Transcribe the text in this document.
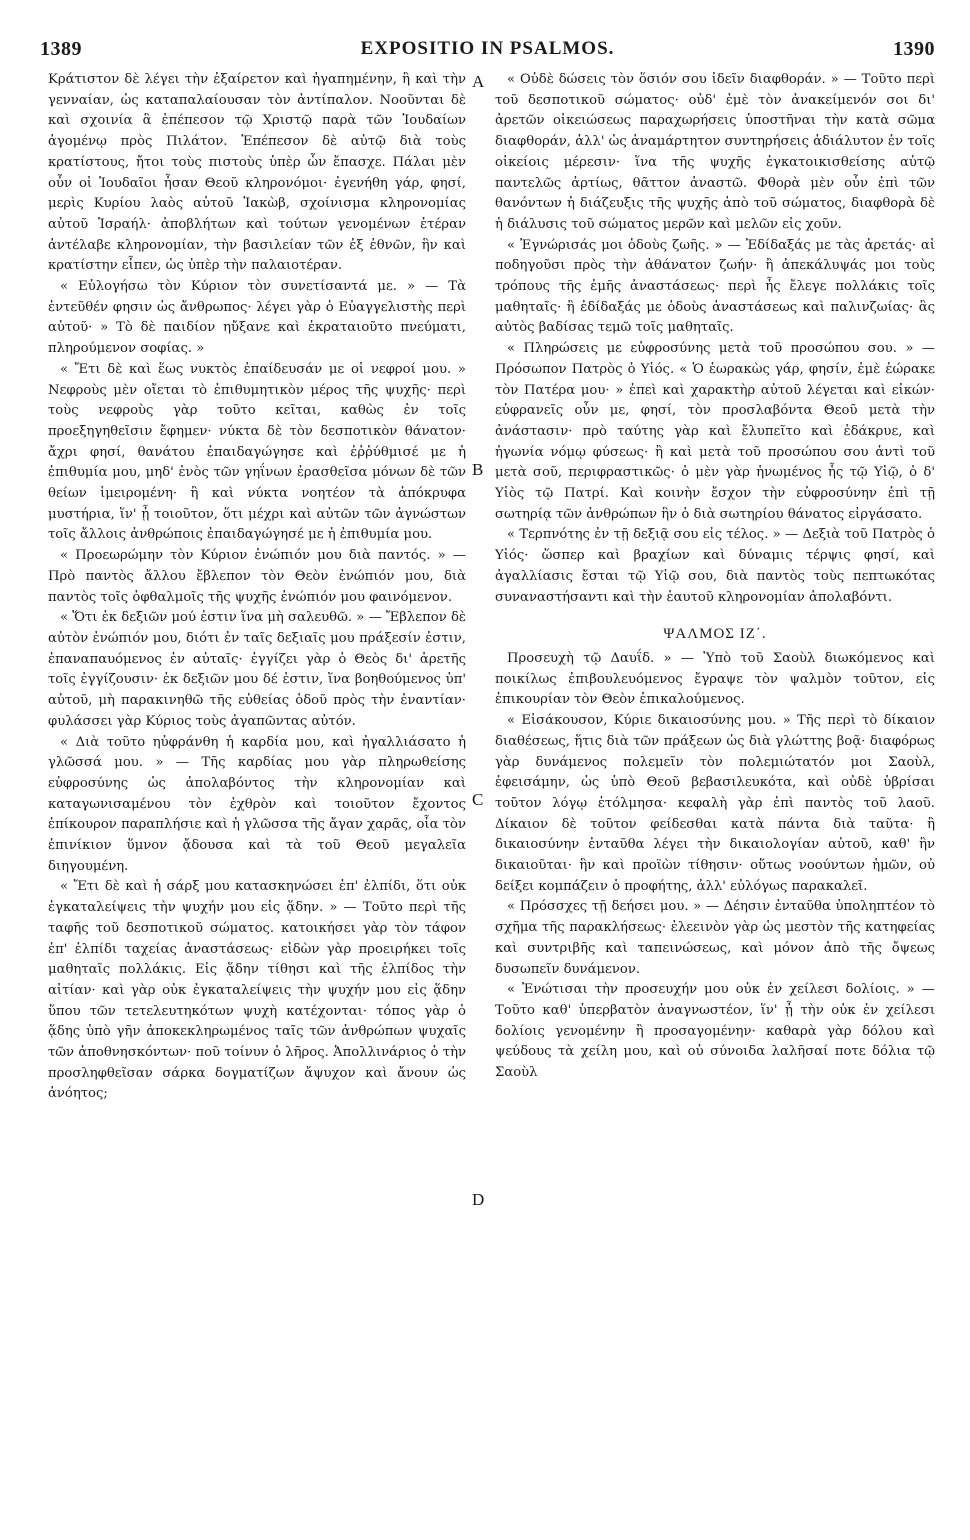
1389	EXPOSITIO IN PSALMOS.	1390

Κράτιστον δὲ λέγει τὴν ἐξαίρετον καὶ ἠγαπημένην, ἢ καὶ τὴν γενναίαν, ὡς καταπαλαίουσαν τὸν ἀντίπαλον. Νοοῦνται δὲ καὶ σχοινία ἃ ἐπέπεσον τῷ Χριστῷ παρὰ τῶν Ἰουδαίων ἀγομένῳ πρὸς Πιλάτον. Ἐπέπεσον δὲ αὐτῷ διὰ τοὺς κρατίστους, ἤτοι τοὺς πιστοὺς ὑπὲρ ὧν ἔπασχε. Πάλαι μὲν οὖν οἱ Ἰουδαῖοι ἦσαν Θεοῦ κληρονόμοι· ἐγενήθη γάρ, φησί, μερὶς Κυρίου λαὸς αὐτοῦ Ἰακὼβ, σχοίνισμα κληρονομίας αὐτοῦ Ἰσραήλ· ἀποβλήτων καὶ τούτων γενομένων ἑτέραν ἀντέλαβε κληρονομίαν, τὴν βασιλείαν τῶν ἐξ ἐθνῶν, ἣν καὶ κρατίστην εἶπεν, ὡς ὑπὲρ τὴν παλαιοτέραν.

« Εὐλογήσω τὸν Κύριον τὸν συνετίσαντά με. » — Τὰ ἐντεῦθέν φησιν ὡς ἄνθρωπος· λέγει γὰρ ὁ Εὐαγγελιστὴς περὶ αὐτοῦ· » Τὸ δὲ παιδίον ηὔξανε καὶ ἐκραταιοῦτο πνεύματι, πληρούμενον σοφίας. »

« Ἔτι δὲ καὶ ἕως νυκτὸς ἐπαίδευσάν με οἱ νεφροί μου. » Νεφροὺς μὲν οἴεται τὸ ἐπιθυμητικὸν μέρος τῆς ψυχῆς· περὶ τοὺς νεφροὺς γὰρ τοῦτο κεῖται, καθὼς ἐν τοῖς προεξηγηθεῖσιν ἔφημεν· νύκτα δὲ τὸν δεσποτικὸν θάνατον· ἄχρι φησί, θανάτου ἐπαιδαγώγησε καὶ ἐῤῥύθμισέ με ἡ ἐπιθυμία μου, μηδ' ἑνὸς τῶν γηΐνων ἐρασθεῖσα μόνων δὲ τῶν θείων ἱμειρομένη· ἢ καὶ νύκτα νοητέον τὰ ἀπόκρυφα μυστήρια, ἵν' ᾖ τοιοῦτον, ὅτι μέχρι καὶ αὐτῶν τῶν ἀγνώστων τοῖς ἄλλοις ἀνθρώποις ἐπαιδαγώγησέ με ἡ ἐπιθυμία μου.

« Προεωρώμην τὸν Κύριον ἐνώπιόν μου διὰ παντός. » — Πρὸ παντὸς ἄλλου ἔβλεπον τὸν Θεὸν ἐνώπιόν μου, διὰ παντὸς τοῖς ὀφθαλμοῖς τῆς ψυχῆς ἐνώπιόν μου φαινόμενον.

« Ὅτι ἐκ δεξιῶν μού ἐστιν ἵνα μὴ σαλευθῶ. » — Ἔβλεπον δὲ αὐτὸν ἐνώπιόν μου, διότι ἐν ταῖς δεξιαῖς μου πράξεσίν ἐστιν, ἐπαναπαυόμενος ἐν αὐταῖς· ἐγγίζει γὰρ ὁ Θεὸς δι' ἀρετῆς τοῖς ἐγγίζουσιν· ἐκ δεξιῶν μου δέ ἐστιν, ἵνα βοηθούμενος ὑπ' αὐτοῦ, μὴ παρακινηθῶ τῆς εὐθείας ὁδοῦ πρὸς τὴν ἐναντίαν· φυλάσσει γὰρ Κύριος τοὺς ἀγαπῶντας αὐτόν.

« Διὰ τοῦτο ηὐφράνθη ἡ καρδία μου, καὶ ἠγαλλιάσατο ἡ γλῶσσά μου. » — Τῆς καρδίας μου γὰρ πληρωθείσης εὐφροσύνης ὡς ἀπολαβόντος τὴν κληρονομίαν καὶ καταγωνισαμένου τὸν ἐχθρὸν καὶ τοιοῦτον ἔχοντος ἐπίκουρον παραπλήσιε καὶ ἡ γλῶσσα τῆς ἄγαν χαρᾶς, οἷα τὸν ἐπινίκιον ὕμνον ᾄδουσα καὶ τὰ τοῦ Θεοῦ μεγαλεῖα διηγουμένη.

« Ἔτι δὲ καὶ ἡ σάρξ μου κατασκηνώσει ἐπ' ἐλπίδι, ὅτι οὐκ ἐγκαταλείψεις τὴν ψυχήν μου εἰς ᾅδην. » — Τοῦτο περὶ τῆς ταφῆς τοῦ δεσποτικοῦ σώματος. κατοικήσει γὰρ τὸν τάφον ἐπ' ἐλπίδι ταχείας ἀναστάσεως· εἰδὼν γὰρ προειρήκει τοῖς μαθηταῖς πολλάκις. Εἰς ᾅδην τίθησι καὶ τῆς ἐλπίδος τὴν αἰτίαν· καὶ γὰρ οὐκ ἐγκαταλείψεις τὴν ψυχήν μου εἰς ᾅδην ὕπου τῶν τετελευτηκότων ψυχὴ κατέχονται· τόπος γὰρ ὁ ᾅδης ὑπὸ γῆν ἀποκεκληρωμένος ταῖς τῶν ἀνθρώπων ψυχαῖς τῶν ἀποθνησκόντων· ποῦ τοίνυν ὁ λῆρος. Ἀπολλινάριος ὁ τὴν προσληφθεῖσαν σάρκα δογματίζων ἄψυχον καὶ ἄνουν ὡς ἀνόητος;

A
B
C
D

« Οὐδὲ δώσεις τὸν ὅσιόν σου ἰδεῖν διαφθοράν. » — Τοῦτο περὶ τοῦ δεσποτικοῦ σώματος· οὐδ' ἐμὲ τὸν ἀνακείμενόν σοι δι' ἀρετῶν οἰκειώσεως παραχωρήσεις ὑποστῆναι τὴν κατὰ σῶμα διαφθοράν, ἀλλ' ὡς ἀναμάρτητον συντηρήσεις ἀδιάλυτον ἐν τοῖς οἰκείοις μέρεσιν· ἵνα τῆς ψυχῆς ἐγκατοικισθείσης αὐτῷ παντελῶς ἀρτίως, θᾶττον ἀναστῶ. Φθορὰ μὲν οὖν ἐπὶ τῶν θανόντων ἡ διάζευξις τῆς ψυχῆς ἀπὸ τοῦ σώματος, διαφθορὰ δὲ ἡ διάλυσις τοῦ σώματος μερῶν καὶ μελῶν εἰς χοῦν.

« Ἐγνώρισάς μοι ὁδοὺς ζωῆς. » — Ἐδίδαξάς με τὰς ἀρετάς· αἱ ποδηγοῦσι πρὸς τὴν ἀθάνατον ζωήν· ἢ ἀπεκάλυψάς μοι τοὺς τρόπους τῆς ἐμῆς ἀναστάσεως· περὶ ἧς ἔλεγε πολλάκις τοῖς μαθηταῖς· ἢ ἐδίδαξάς με ὁδοὺς ἀναστάσεως καὶ παλινζωίας· ἃς αὐτὸς βαδίσας τεμῶ τοῖς μαθηταῖς.

« Πληρώσεις με εὐφροσύνης μετὰ τοῦ προσώπου σου. » — Πρόσωπον Πατρὸς ὁ Υἱός. « Ὁ ἑωρακὼς γάρ, φησίν, ἐμὲ ἑώρακε τὸν Πατέρα μου· » ἐπεὶ καὶ χαρακτὴρ αὐτοῦ λέγεται καὶ εἰκών· εὐφρανεῖς οὖν με, φησί, τὸν προσλαβόντα Θεοῦ μετὰ τὴν ἀνάστασιν· πρὸ ταύτης γὰρ καὶ ἔλυπεῖτο καὶ ἐδάκρυε, καὶ ἠγωνία νόμῳ φύσεως· ἢ καὶ μετὰ τοῦ προσώπου σου ἀντὶ τοῦ μετὰ σοῦ, περιφραστικῶς· ὁ μὲν γὰρ ἡνωμένος ἧς τῷ Υἱῷ, ὁ δ' Υἱὸς τῷ Πατρί. Καὶ κοινὴν ἔσχον τὴν εὐφροσύνην ἐπὶ τῇ σωτηρίᾳ τῶν ἀνθρώπων ἣν ὁ διὰ σωτηρίου θάνατος εἰργάσατο.

« Τερπνότης ἐν τῇ δεξιᾷ σου εἰς τέλος. » — Δεξιὰ τοῦ Πατρὸς ὁ Υἱός· ὥσπερ καὶ βραχίων καὶ δύναμις τέρψις φησί, καὶ ἀγαλλίασις ἔσται τῷ Υἱῷ σου, διὰ παντὸς τοὺς πεπτωκότας συναναστήσαντι καὶ τὴν ἑαυτοῦ κληρονομίαν ἀπολαβόντι.

ΨΑΛΜΟΣ ΙΖ΄.

Προσευχὴ τῷ Δαυΐδ. » — Ὑπὸ τοῦ Σαοὺλ διωκόμενος καὶ ποικίλως ἐπιβουλευόμενος ἔγραψε τὸν ψαλμὸν τοῦτον, εἰς ἐπικουρίαν τὸν Θεὸν ἐπικαλούμενος.

« Εἰσάκουσον, Κύριε δικαιοσύνης μου. » Τῆς περὶ τὸ δίκαιον διαθέσεως, ἥτις διὰ τῶν πράξεων ὡς διὰ γλώττης βοᾷ· διαφόρως γὰρ δυνάμενος πολεμεῖν τὸν πολεμιώτατόν μοι Σαοὺλ, ἐφεισάμην, ὡς ὑπὸ Θεοῦ βεβασιλευκότα, καὶ οὐδὲ ὑβρίσαι τοῦτον λόγῳ ἐτόλμησα· κεφαλὴ γὰρ ἐπὶ παντὸς τοῦ λαοῦ. Δίκαιον δὲ τοῦτον φείδεσθαι κατὰ πάντα διὰ ταῦτα· ἢ δικαιοσύνην ἐνταῦθα λέγει τὴν δικαιολογίαν αὐτοῦ, καθ' ἣν δικαιοῦται· ἣν καὶ προϊὼν τίθησιν· οὕτως νοούντων ἡμῶν, οὐ δείξει κομπάζειν ὁ προφήτης, ἀλλ' εὐλόγως παρακαλεῖ.

« Πρόσσχες τῇ δεήσει μου. » — Δέησιν ἐνταῦθα ὑποληπτέον τὸ σχῆμα τῆς παρακλήσεως· ἐλεεινὸν γὰρ ὡς μεστὸν τῆς κατηφείας καὶ συντριβῆς καὶ ταπεινώσεως, καὶ μόνον ἀπὸ τῆς ὄψεως δυσωπεῖν δυνάμενον.

« Ἐνώτισαι τὴν προσευχήν μου οὐκ ἐν χείλεσι δολίοις. » — Τοῦτο καθ' ὑπερβατὸν ἀναγνωστέον, ἵν' ᾖ τὴν οὐκ ἐν χείλεσι δολίοις γενομένην ἢ προσαγομένην· καθαρὰ γὰρ δόλου καὶ ψεύδους τὰ χείλη μου, καὶ οὐ σύνοιδα λαλῆσαί ποτε δόλια τῷ Σαοὺλ
